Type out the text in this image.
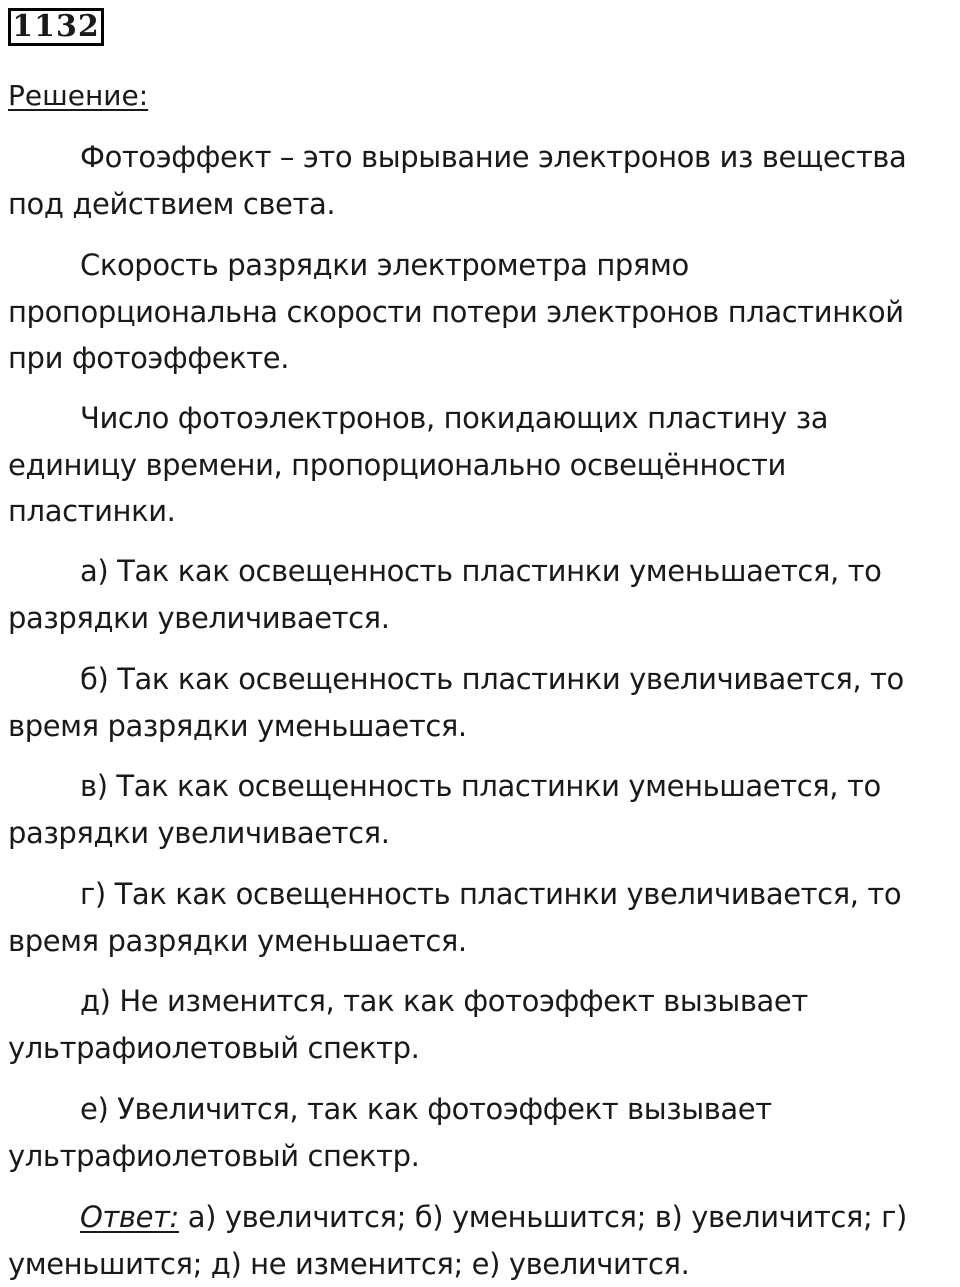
1132
Решение:
Фотоэффект – это вырывание электронов из вещества
под действием света.
Скорость разрядки электрометра прямо
пропорциональна скорости потери электронов пластинкой
при фотоэффекте.
Число фотоэлектронов, покидающих пластину за
единицу времени, пропорционально освещённости
пластинки.
а) Так как освещенность пластинки уменьшается, то
разрядки увеличивается.
б) Так как освещенность пластинки увеличивается, то
время разрядки уменьшается.
в) Так как освещенность пластинки уменьшается, то
разрядки увеличивается.
г) Так как освещенность пластинки увеличивается, то
время разрядки уменьшается.
д) Не изменится, так как фотоэффект вызывает
ультрафиолетовый спектр.
е) Увеличится, так как фотоэффект вызывает
ультрафиолетовый спектр.
Ответ: а) увеличится; б) уменьшится; в) увеличится; г)
уменьшится; д) не изменится; е) увеличится.
